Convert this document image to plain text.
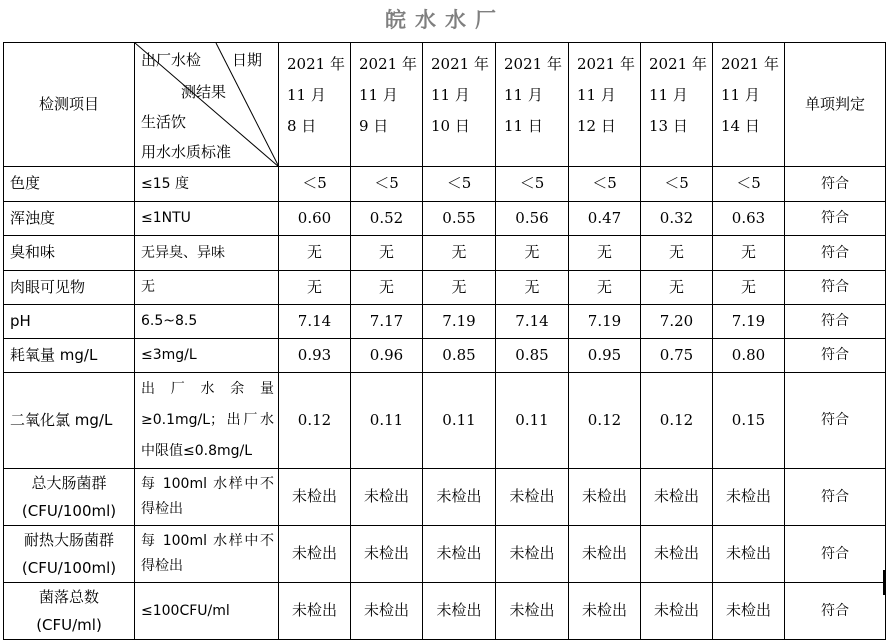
皖水水厂
检测项目	出厂水检 日期
测结果
生活饮
用水水质标准	2021 年
11 月
8 日	2021 年
11 月
9 日	2021 年
11 月
10 日	2021 年
11 月
11 日	2021 年
11 月
12 日	2021 年
11 月
13 日	2021 年
11 月
14 日	单项判定
色度	≤15 度	＜5	＜5	＜5	＜5	＜5	＜5	＜5	符合
浑浊度	≤1NTU	0.60	0.52	0.55	0.56	0.47	0.32	0.63	符合
臭和味	无异臭、异味	无	无	无	无	无	无	无	符合
肉眼可见物	无	无	无	无	无	无	无	无	符合
pH	6.5~8.5	7.14	7.17	7.19	7.14	7.19	7.20	7.19	符合
耗氧量 mg/L	≤3mg/L	0.93	0.96	0.85	0.85	0.95	0.75	0.80	符合
二氧化氯 mg/L	出厂水余量≥0.1mg/L；出厂水中限值≤0.8mg/L	0.12	0.11	0.11	0.11	0.12	0.12	0.15	符合
总大肠菌群
(CFU/100ml)	每 100ml 水样中不得检出	未检出	未检出	未检出	未检出	未检出	未检出	未检出	符合
耐热大肠菌群
(CFU/100ml)	每 100ml 水样中不得检出	未检出	未检出	未检出	未检出	未检出	未检出	未检出	符合
菌落总数
(CFU/ml)	≤100CFU/ml	未检出	未检出	未检出	未检出	未检出	未检出	未检出	符合
